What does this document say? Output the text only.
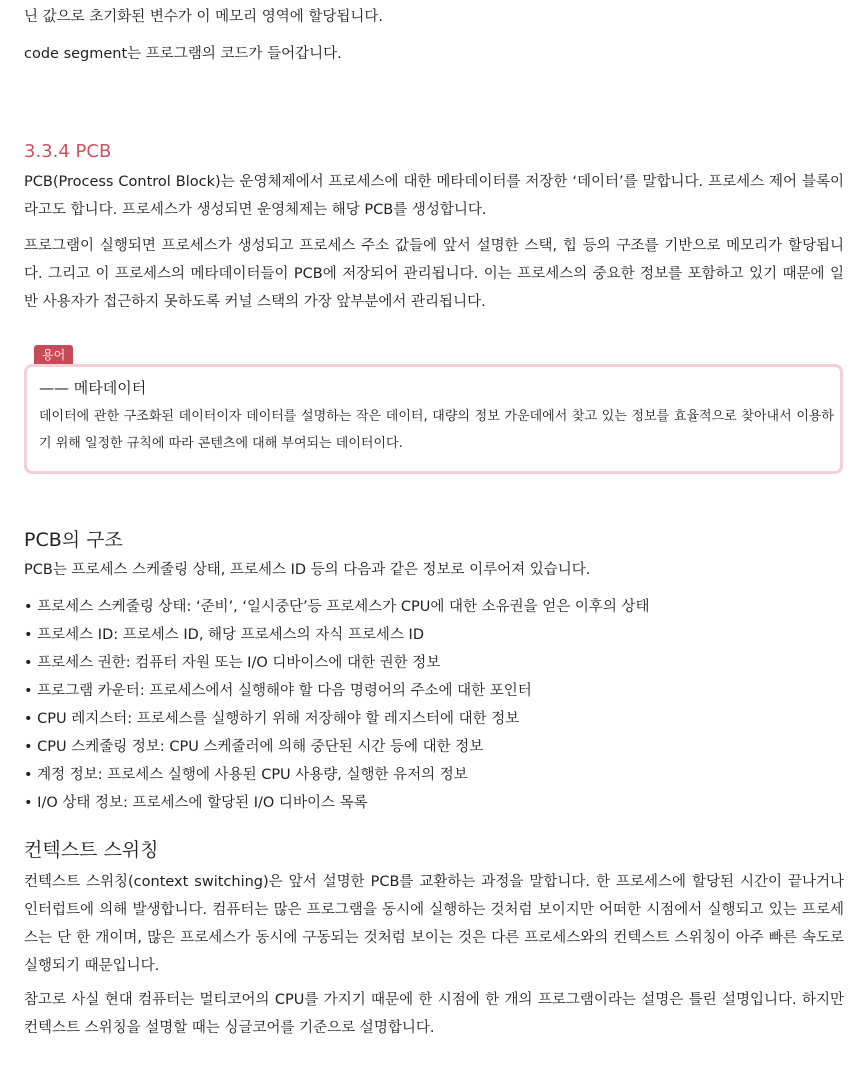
닌 값으로 초기화된 변수가 이 메모리 영역에 할당됩니다.

code segment는 프로그램의 코드가 들어갑니다.

3.3.4 PCB

PCB(Process Control Block)는 운영체제에서 프로세스에 대한 메타데이터를 저장한 ‘데이터’를 말합니다. 프로세스 제어 블록이라고도 합니다. 프로세스가 생성되면 운영체제는 해당 PCB를 생성합니다.

프로그램이 실행되면 프로세스가 생성되고 프로세스 주소 값들에 앞서 설명한 스택, 힙 등의 구조를 기반으로 메모리가 할당됩니다. 그리고 이 프로세스의 메타데이터들이 PCB에 저장되어 관리됩니다. 이는 프로세스의 중요한 정보를 포함하고 있기 때문에 일반 사용자가 접근하지 못하도록 커널 스택의 가장 앞부분에서 관리됩니다.

용어
—— 메타데이터
데이터에 관한 구조화된 데이터이자 데이터를 설명하는 작은 데이터, 대량의 정보 가운데에서 찾고 있는 정보를 효율적으로 찾아내서 이용하기 위해 일정한 규칙에 따라 콘텐츠에 대해 부여되는 데이터이다.
PCB의 구조

PCB는 프로세스 스케줄링 상태, 프로세스 ID 등의 다음과 같은 정보로 이루어져 있습니다.

• 프로세스 스케줄링 상태: ‘준비’, ‘일시중단’등 프로세스가 CPU에 대한 소유권을 얻은 이후의 상태
• 프로세스 ID: 프로세스 ID, 해당 프로세스의 자식 프로세스 ID
• 프로세스 권한: 컴퓨터 자원 또는 I/O 디바이스에 대한 권한 정보
• 프로그램 카운터: 프로세스에서 실행해야 할 다음 명령어의 주소에 대한 포인터
• CPU 레지스터: 프로세스를 실행하기 위해 저장해야 할 레지스터에 대한 정보
• CPU 스케줄링 정보: CPU 스케줄러에 의해 중단된 시간 등에 대한 정보
• 계정 정보: 프로세스 실행에 사용된 CPU 사용량, 실행한 유저의 정보
• I/O 상태 정보: 프로세스에 할당된 I/O 디바이스 목록
컨텍스트 스위칭

컨텍스트 스위칭(context switching)은 앞서 설명한 PCB를 교환하는 과정을 말합니다. 한 프로세스에 할당된 시간이 끝나거나 인터럽트에 의해 발생합니다. 컴퓨터는 많은 프로그램을 동시에 실행하는 것처럼 보이지만 어떠한 시점에서 실행되고 있는 프로세스는 단 한 개이며, 많은 프로세스가 동시에 구동되는 것처럼 보이는 것은 다른 프로세스와의 컨텍스트 스위칭이 아주 빠른 속도로 실행되기 때문입니다.

참고로 사실 현대 컴퓨터는 멀티코어의 CPU를 가지기 때문에 한 시점에 한 개의 프로그램이라는 설명은 틀린 설명입니다. 하지만 컨텍스트 스위칭을 설명할 때는 싱글코어를 기준으로 설명합니다.
